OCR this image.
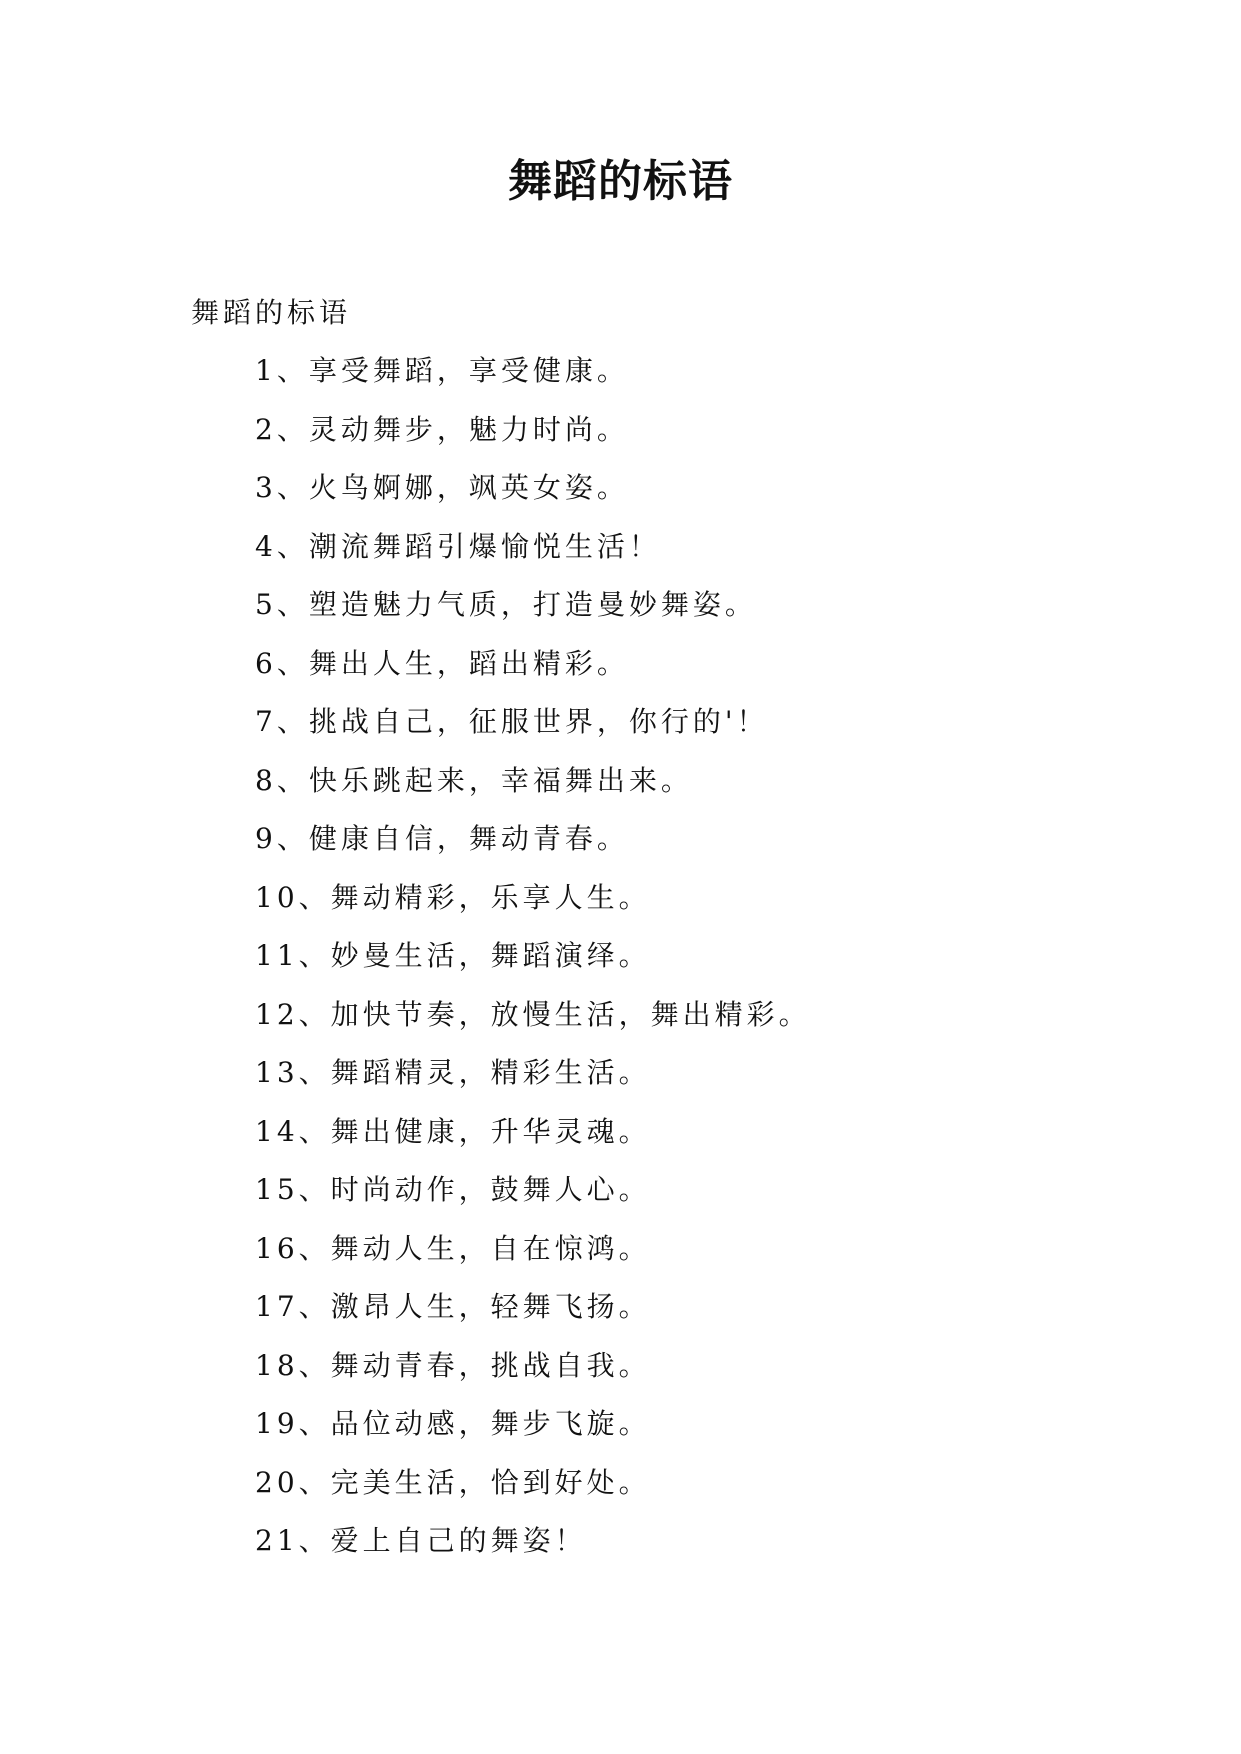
舞蹈的标语

舞蹈的标语

1、享受舞蹈，享受健康。
2、灵动舞步，魅力时尚。
3、火鸟婀娜，飒英女姿。
4、潮流舞蹈引爆愉悦生活！
5、塑造魅力气质，打造曼妙舞姿。
6、舞出人生，蹈出精彩。
7、挑战自己，征服世界，你行的'！
8、快乐跳起来，幸福舞出来。
9、健康自信，舞动青春。
10、舞动精彩，乐享人生。
11、妙曼生活，舞蹈演绎。
12、加快节奏，放慢生活，舞出精彩。
13、舞蹈精灵，精彩生活。
14、舞出健康，升华灵魂。
15、时尚动作，鼓舞人心。
16、舞动人生，自在惊鸿。
17、激昂人生，轻舞飞扬。
18、舞动青春，挑战自我。
19、品位动感，舞步飞旋。
20、完美生活，恰到好处。
21、爱上自己的舞姿！
